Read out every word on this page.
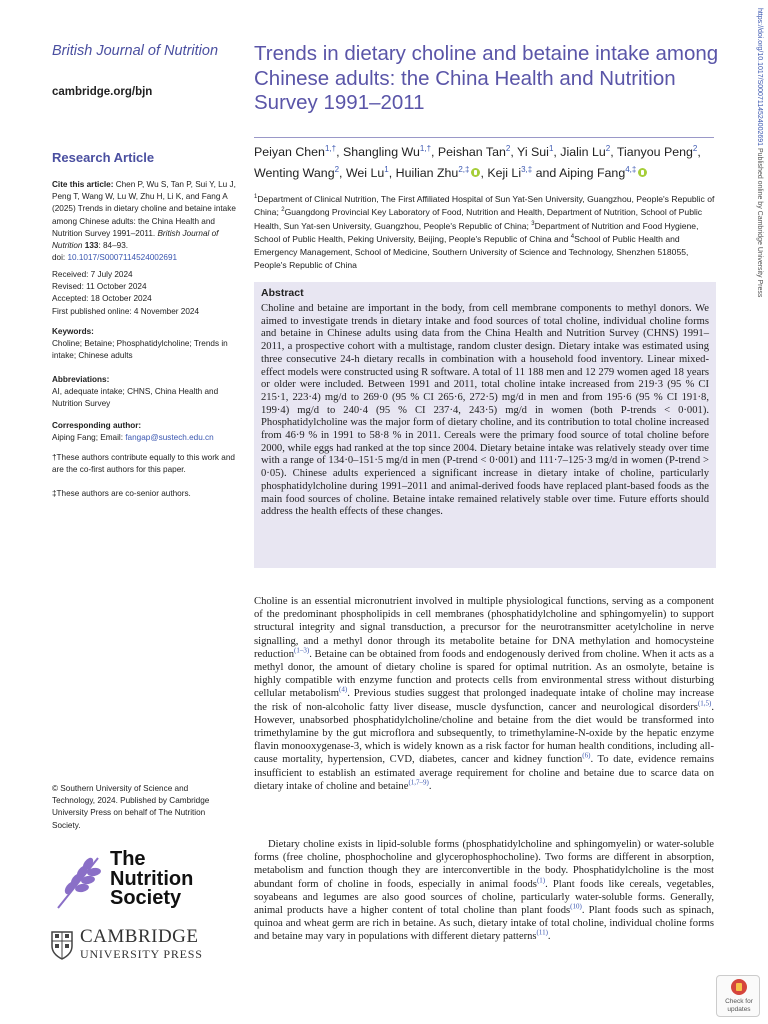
British Journal of Nutrition
cambridge.org/bjn
Trends in dietary choline and betaine intake among Chinese adults: the China Health and Nutrition Survey 1991–2011
Peiyan Chen$^{1,\dagger}$, Shangling $Wu^{1,\dagger}$, Peishan Tan$^2$, Yi Sui$^1$, Jialin Lu$^2$, Tianyou Peng$^2$, Wenting Wang$^2$, Wei Lu$^1$, Huilian Zhu$^{2,\ddagger}$ , Keji $Li^{3,\ddagger}$ and Aiping Fang$^{4,\ddagger}$
$^1$Department of Clinical Nutrition, The First Affiliated Hospital of Sun Yat-Sen University, Guangzhou, People's Republic of China; $^2$Guangdong Provincial Key Laboratory of Food, Nutrition and Health, Department of Nutrition, School of Public Health, Sun Yat-sen University, Guangzhou, People's Republic of China; $^3$Department of Nutrition and Food Hygiene, School of Public Health, Peking University, Beijing, People's Republic of China and $^4$School of Public Health and Emergency Management, School of Medicine, Southern University of Science and Technology, Shenzhen 518055, People's Republic of China
Research Article
Cite this article: Chen P, Wu S, Tan P, Sui Y, Lu J, Peng T, Wang W, Lu W, Zhu H, Li K, and Fang A (2025) Trends in dietary choline and betaine intake among Chinese adults: the China Health and Nutrition Survey 1991–2011. British Journal of Nutrition 133: 84–93.
doi: 10.1017/S0007114524002691
Received: 7 July 2024
Revised: 11 October 2024
Accepted: 18 October 2024
First published online: 4 November 2024
Keywords:
Choline; Betaine; Phosphatidylcholine; Trends in intake; Chinese adults
Abbreviations:
AI, adequate intake; CHNS, China Health and Nutrition Survey
Corresponding author:
Aiping Fang; Email: fangap@sustech.edu.cn
†These authors contribute equally to this work and are the co-first authors for this paper.
‡These authors are co-senior authors.
© Southern University of Science and Technology, 2024. Published by Cambridge University Press on behalf of The Nutrition Society.
The
Nutrition
Society
CAMBRIDGE
UNIVERSITY PRESS
Abstract
Choline and betaine are important in the body, from cell membrane components to methyl donors. We aimed to investigate trends in dietary intake and food sources of total choline, individual choline forms and betaine in Chinese adults using data from the China Health and Nutrition Survey (CHNS) 1991–2011, a prospective cohort with a multistage, random cluster design. Dietary intake was estimated using three consecutive 24-h dietary recalls in combination with a household food inventory. Linear mixed-effect models were constructed using R software. A total of 11 188 men and 12 279 women aged 18 years or older were included. Between 1991 and 2011, total choline intake increased from 219·3 (95 % CI 215·1, 223·4) mg/d to 269·0 (95 % CI 265·6, 272·5) mg/d in men and from 195·6 (95 % CI 191·8, 199·4) mg/d to 240·4 (95 % CI 237·4, 243·5) mg/d in women (both P-trends < 0·001). Phosphatidylcholine was the major form of dietary choline, and its contribution to total choline increased from 46·9 % in 1991 to 58·8 % in 2011. Cereals were the primary food source of total choline before 2000, while eggs had ranked at the top since 2004. Dietary betaine intake was relatively steady over time with a range of 134·0–151·5 mg/d in men (P-trend < 0·001) and 111·7–125·3 mg/d in women (P-trend > 0·05). Chinese adults experienced a significant increase in dietary intake of choline, particularly phosphatidylcholine during 1991–2011 and animal-derived foods have replaced plant-based foods as the main food sources of choline. Betaine intake remained relatively stable over time. Future efforts should address the health effects of these changes.
Choline is an essential micronutrient involved in multiple physiological functions, serving as a component of the predominant phospholipids in cell membranes (phosphatidylcholine and sphingomyelin) to support structural integrity and signal transduction, a precursor for the neurotransmitter acetylcholine in nerve signalling, and a methyl donor through its metabolite betaine for DNA methylation and homocysteine reduction$^{(1-3)}$. Betaine can be obtained from foods and endogenously derived from choline. When it acts as a methyl donor, the amount of dietary choline is spared for optimal nutrition. As an osmolyte, betaine is highly compatible with enzyme function and protects cells from environmental stress without disturbing cellular metabolism$^{(4)}$. Previous studies suggest that prolonged inadequate intake of choline may increase the risk of non-alcoholic fatty liver disease, muscle dysfunction, cancer and neurological disorders$^{(1,5)}$. However, unabsorbed phosphatidylcholine/choline and betaine from the diet would be transformed into trimethylamine by the gut microflora and subsequently, to trimethylamine-N-oxide by the hepatic enzyme flavin monooxygenase-3, which is widely known as a risk factor for human health conditions, including all-cause mortality, hypertension, CVD, diabetes, cancer and kidney function$^{(6)}$. To date, evidence remains insufficient to establish an estimated average requirement for choline and betaine due to scarce data on dietary intake of choline and betaine$^{(1,7-9)}$.
Dietary choline exists in lipid-soluble forms (phosphatidylcholine and sphingomyelin) or water-soluble forms (free choline, phosphocholine and glycerophosphocholine). Two forms are different in absorption, metabolism and function though they are interconvertible in the body. Phosphatidylcholine is the most abundant form of choline in foods, especially in animal foods$^{(1)}$. Plant foods like cereals, vegetables, soyabeans and legumes are also good sources of choline, particularly water-soluble forms. Generally, animal products have a higher content of total choline than plant foods$^{(10)}$. Plant foods such as spinach, quinoa and wheat germ are rich in betaine. As such, dietary intake of total choline, individual choline forms and betaine may vary in populations with different dietary patterns$^{(11)}$.
https://doi.org/10.1017/S0007114524002691 Published online by Cambridge University Press
Check for
updates
